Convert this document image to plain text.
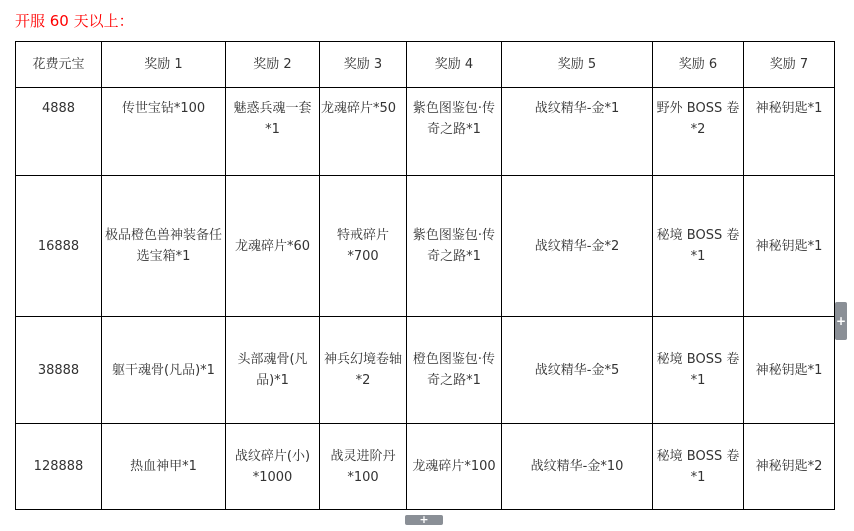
开服 60 天以上：
花费元宝	奖励 1	奖励 2	奖励 3	奖励 4	奖励 5	奖励 6	奖励 7

4888	传世宝钻*100	魅惑兵魂一套 *1	龙魂碎片*50	紫色图鉴包·传奇之路*1	战纹精华-金*1	野外 BOSS 卷 *2	神秘钥匙*1

16888	极品橙色兽神装备任选宝箱*1	龙魂碎片*60	特戒碎片 *700	紫色图鉴包·传奇之路*1	战纹精华-金*2	秘境 BOSS 卷 *1	神秘钥匙*1

38888	躯干魂骨(凡品)*1	头部魂骨(凡品)*1	神兵幻境卷轴*2	橙色图鉴包·传奇之路*1	战纹精华-金*5	秘境 BOSS 卷 *1	神秘钥匙*1

128888	热血神甲*1	战纹碎片(小) *1000	战灵进阶丹 *100	龙魂碎片*100	战纹精华-金*10	秘境 BOSS 卷 *1	神秘钥匙*2
+
+
